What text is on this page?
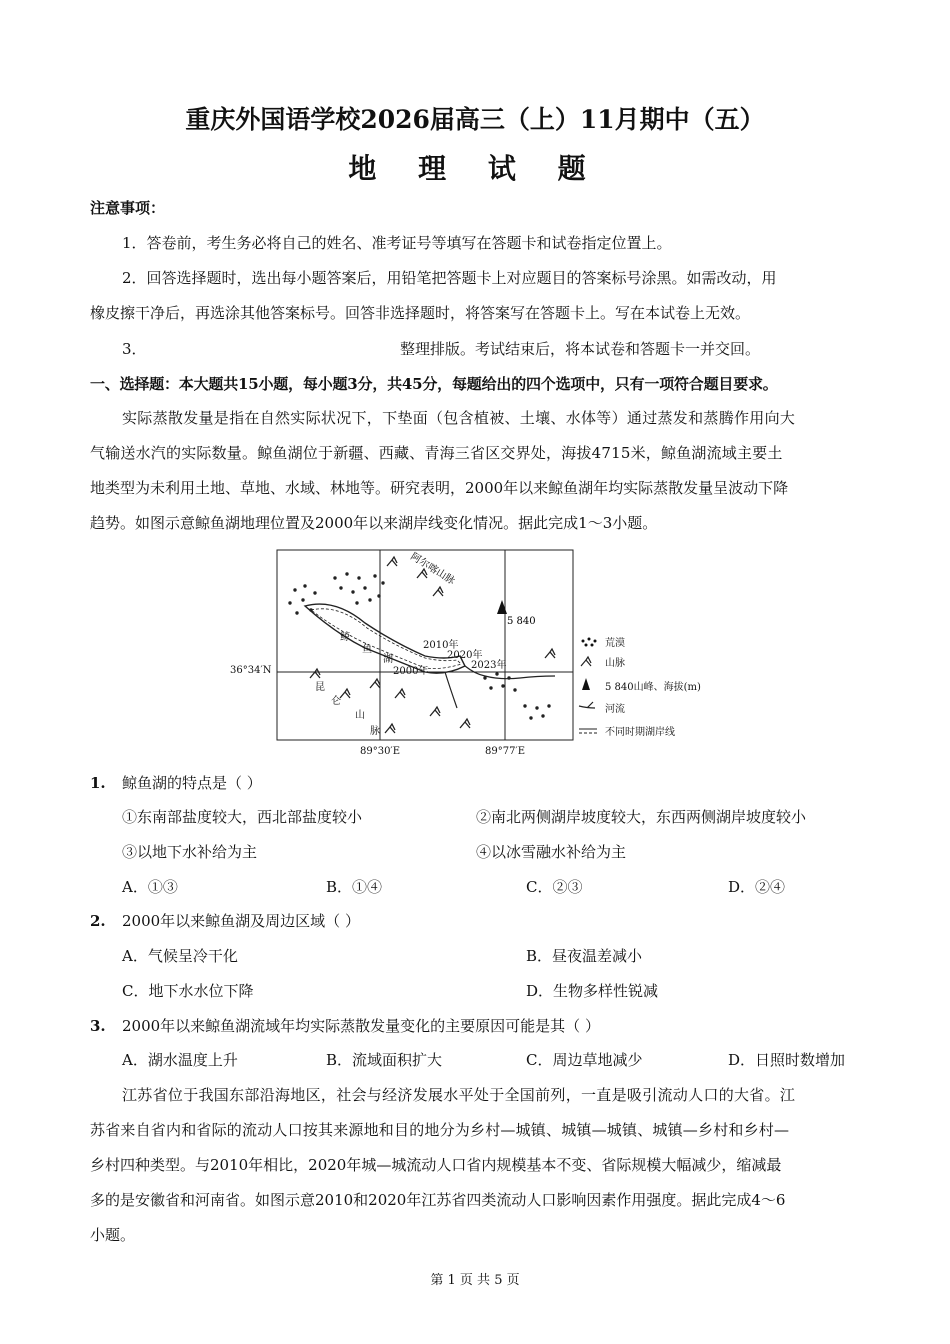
重庆外国语学校2026届高三（上）11月期中（五）
地 理 试 题
注意事项：
1．答卷前，考生务必将自己的姓名、准考证号等填写在答题卡和试卷指定位置上。
2．回答选择题时，选出每小题答案后，用铅笔把答题卡上对应题目的答案标号涂黑。如需改动，用
橡皮擦干净后，再选涂其他答案标号。回答非选择题时，将答案写在答题卡上。写在本试卷上无效。
3．	整理排版。考试结束后，将本试卷和答题卡一并交回。
一、选择题：本大题共15小题，每小题3分，共45分，每题给出的四个选项中，只有一项符合题目要求。
实际蒸散发量是指在自然实际状况下，下垫面（包含植被、土壤、水体等）通过蒸发和蒸腾作用向大
气输送水汽的实际数量。鲸鱼湖位于新疆、西藏、青海三省区交界处，海拔4715米，鲸鱼湖流域主要土
地类型为未利用土地、草地、水域、林地等。研究表明，2000年以来鲸鱼湖年均实际蒸散发量呈波动下降
趋势。如图示意鲸鱼湖地理位置及2000年以来湖岸线变化情况。据此完成1～3小题。
5 840
阿尔喀山脉
鲸
鱼
湖
昆
仑
山
脉
2010年
2020年
2023年
2000年
荒漠
山脉
5 840山峰、海拔(m)
河流
不同时期湖岸线
89°30′E	89°77′E
36°34′N
1. 鲸鱼湖的特点是（ ）
①东南部盐度较大，西北部盐度较小	②南北两侧湖岸坡度较大，东西两侧湖岸坡度较小
③以地下水补给为主	④以冰雪融水补给为主
A．①③	B．①④	C．②③	D．②④
2. 2000年以来鲸鱼湖及周边区域（ ）
A．气候呈冷干化	B．昼夜温差减小
C．地下水水位下降	D．生物多样性锐减
3. 2000年以来鲸鱼湖流域年均实际蒸散发量变化的主要原因可能是其（ ）
A．湖水温度上升	B．流域面积扩大	C．周边草地减少	D．日照时数增加
江苏省位于我国东部沿海地区，社会与经济发展水平处于全国前列，一直是吸引流动人口的大省。江
苏省来自省内和省际的流动人口按其来源地和目的地分为乡村—城镇、城镇—城镇、城镇—乡村和乡村—
乡村四种类型。与2010年相比，2020年城—城流动人口省内规模基本不变、省际规模大幅减少，缩减最
多的是安徽省和河南省。如图示意2010和2020年江苏省四类流动人口影响因素作用强度。据此完成4～6
小题。
第 1 页 共 5 页
